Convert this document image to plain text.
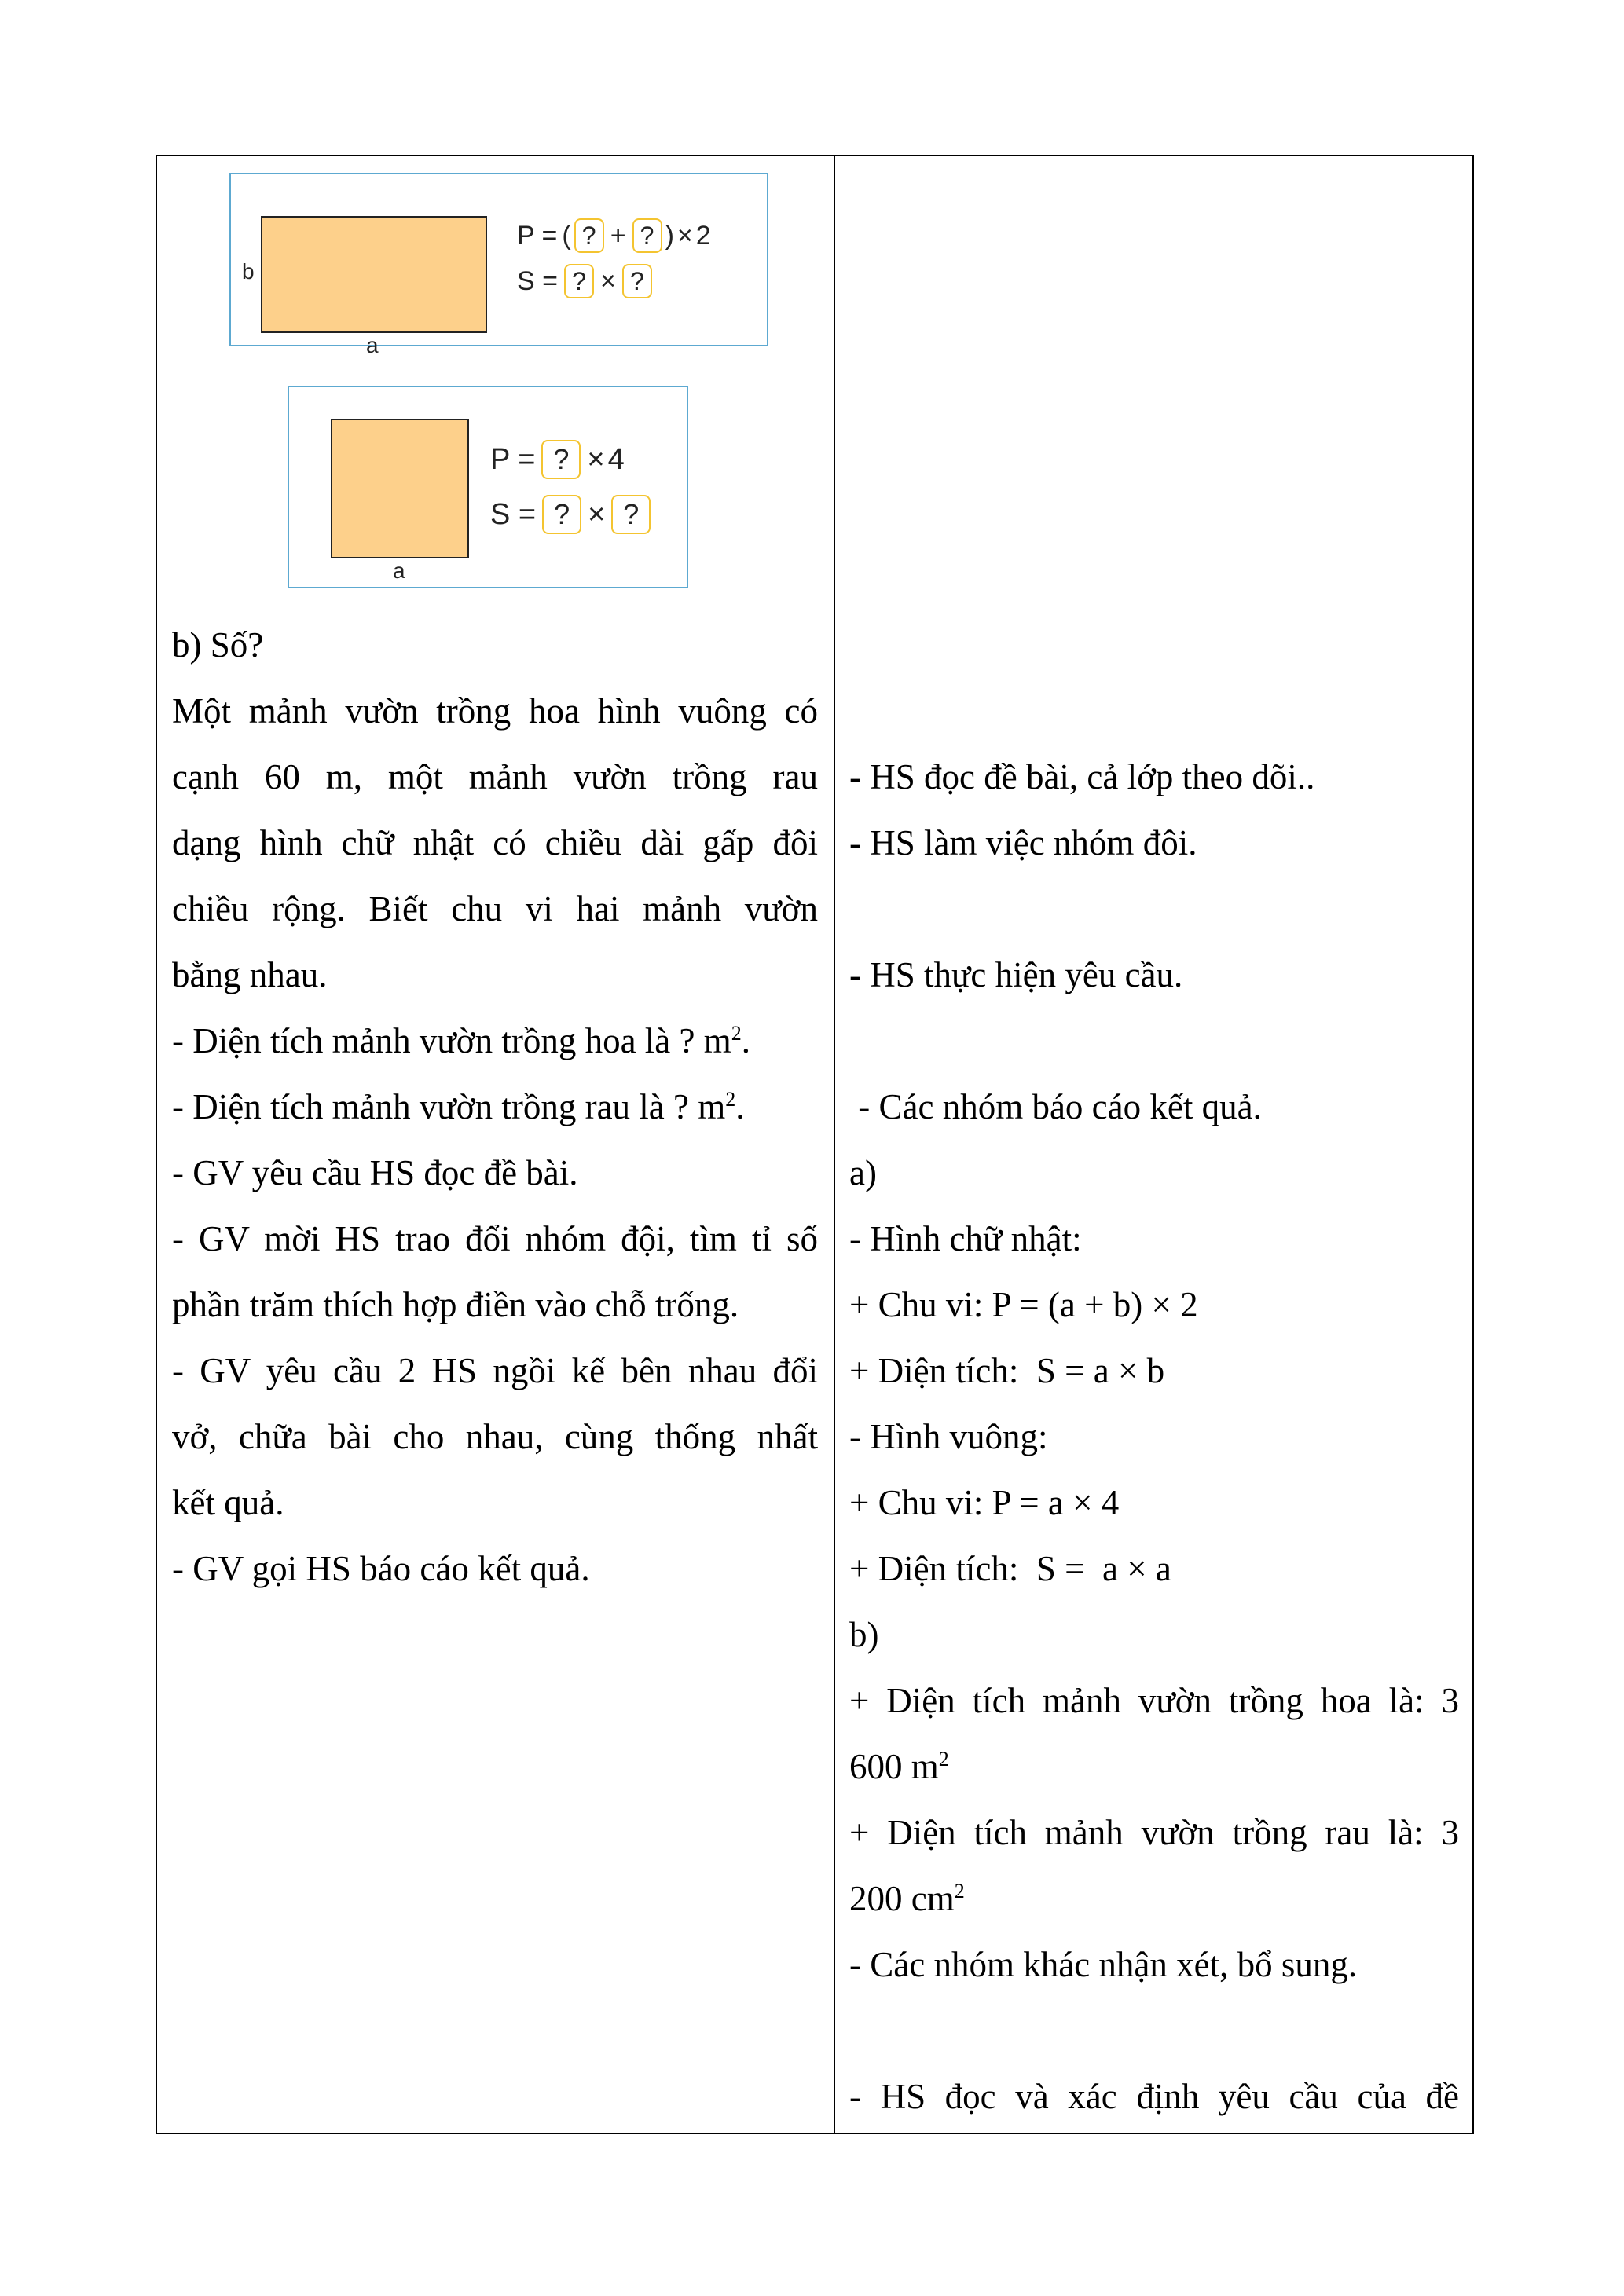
b
a
P = ( ? + ? ) × 2
S = ? × ?
a
P = ? × 4
S = ? × ?
b) Số?
Một mảnh vườn trồng hoa hình vuông có
cạnh 60 m, một mảnh vườn trồng rau
dạng hình chữ nhật có chiều dài gấp đôi
chiều rộng. Biết chu vi hai mảnh vườn
bằng nhau.
- Diện tích mảnh vườn trồng hoa là ? $m^2$.
- Diện tích mảnh vườn trồng rau là ? $m^2$.
- GV yêu cầu HS đọc đề bài.
- GV mời HS trao đổi nhóm đội, tìm tỉ số
phần trăm thích hợp điền vào chỗ trống.
- GV yêu cầu 2 HS ngồi kế bên nhau đổi
vở, chữa bài cho nhau, cùng thống nhất
kết quả.
- GV gọi HS báo cáo kết quả.
- HS đọc đề bài, cả lớp theo dõi..
- HS làm việc nhóm đôi.
- HS thực hiện yêu cầu.
- Các nhóm báo cáo kết quả.
a)
- Hình chữ nhật:
+ Chu vi: P = (a + b) × 2
+ Diện tích:  S = a × b
- Hình vuông:
+ Chu vi: P = a × 4
+ Diện tích:  S =  a × a
b)
+ Diện tích mảnh vườn trồng hoa là: 3
600 $m^2$
+ Diện tích mảnh vườn trồng rau là: 3
200 $cm^2$
- Các nhóm khác nhận xét, bổ sung.
- HS đọc và xác định yêu cầu của đề
